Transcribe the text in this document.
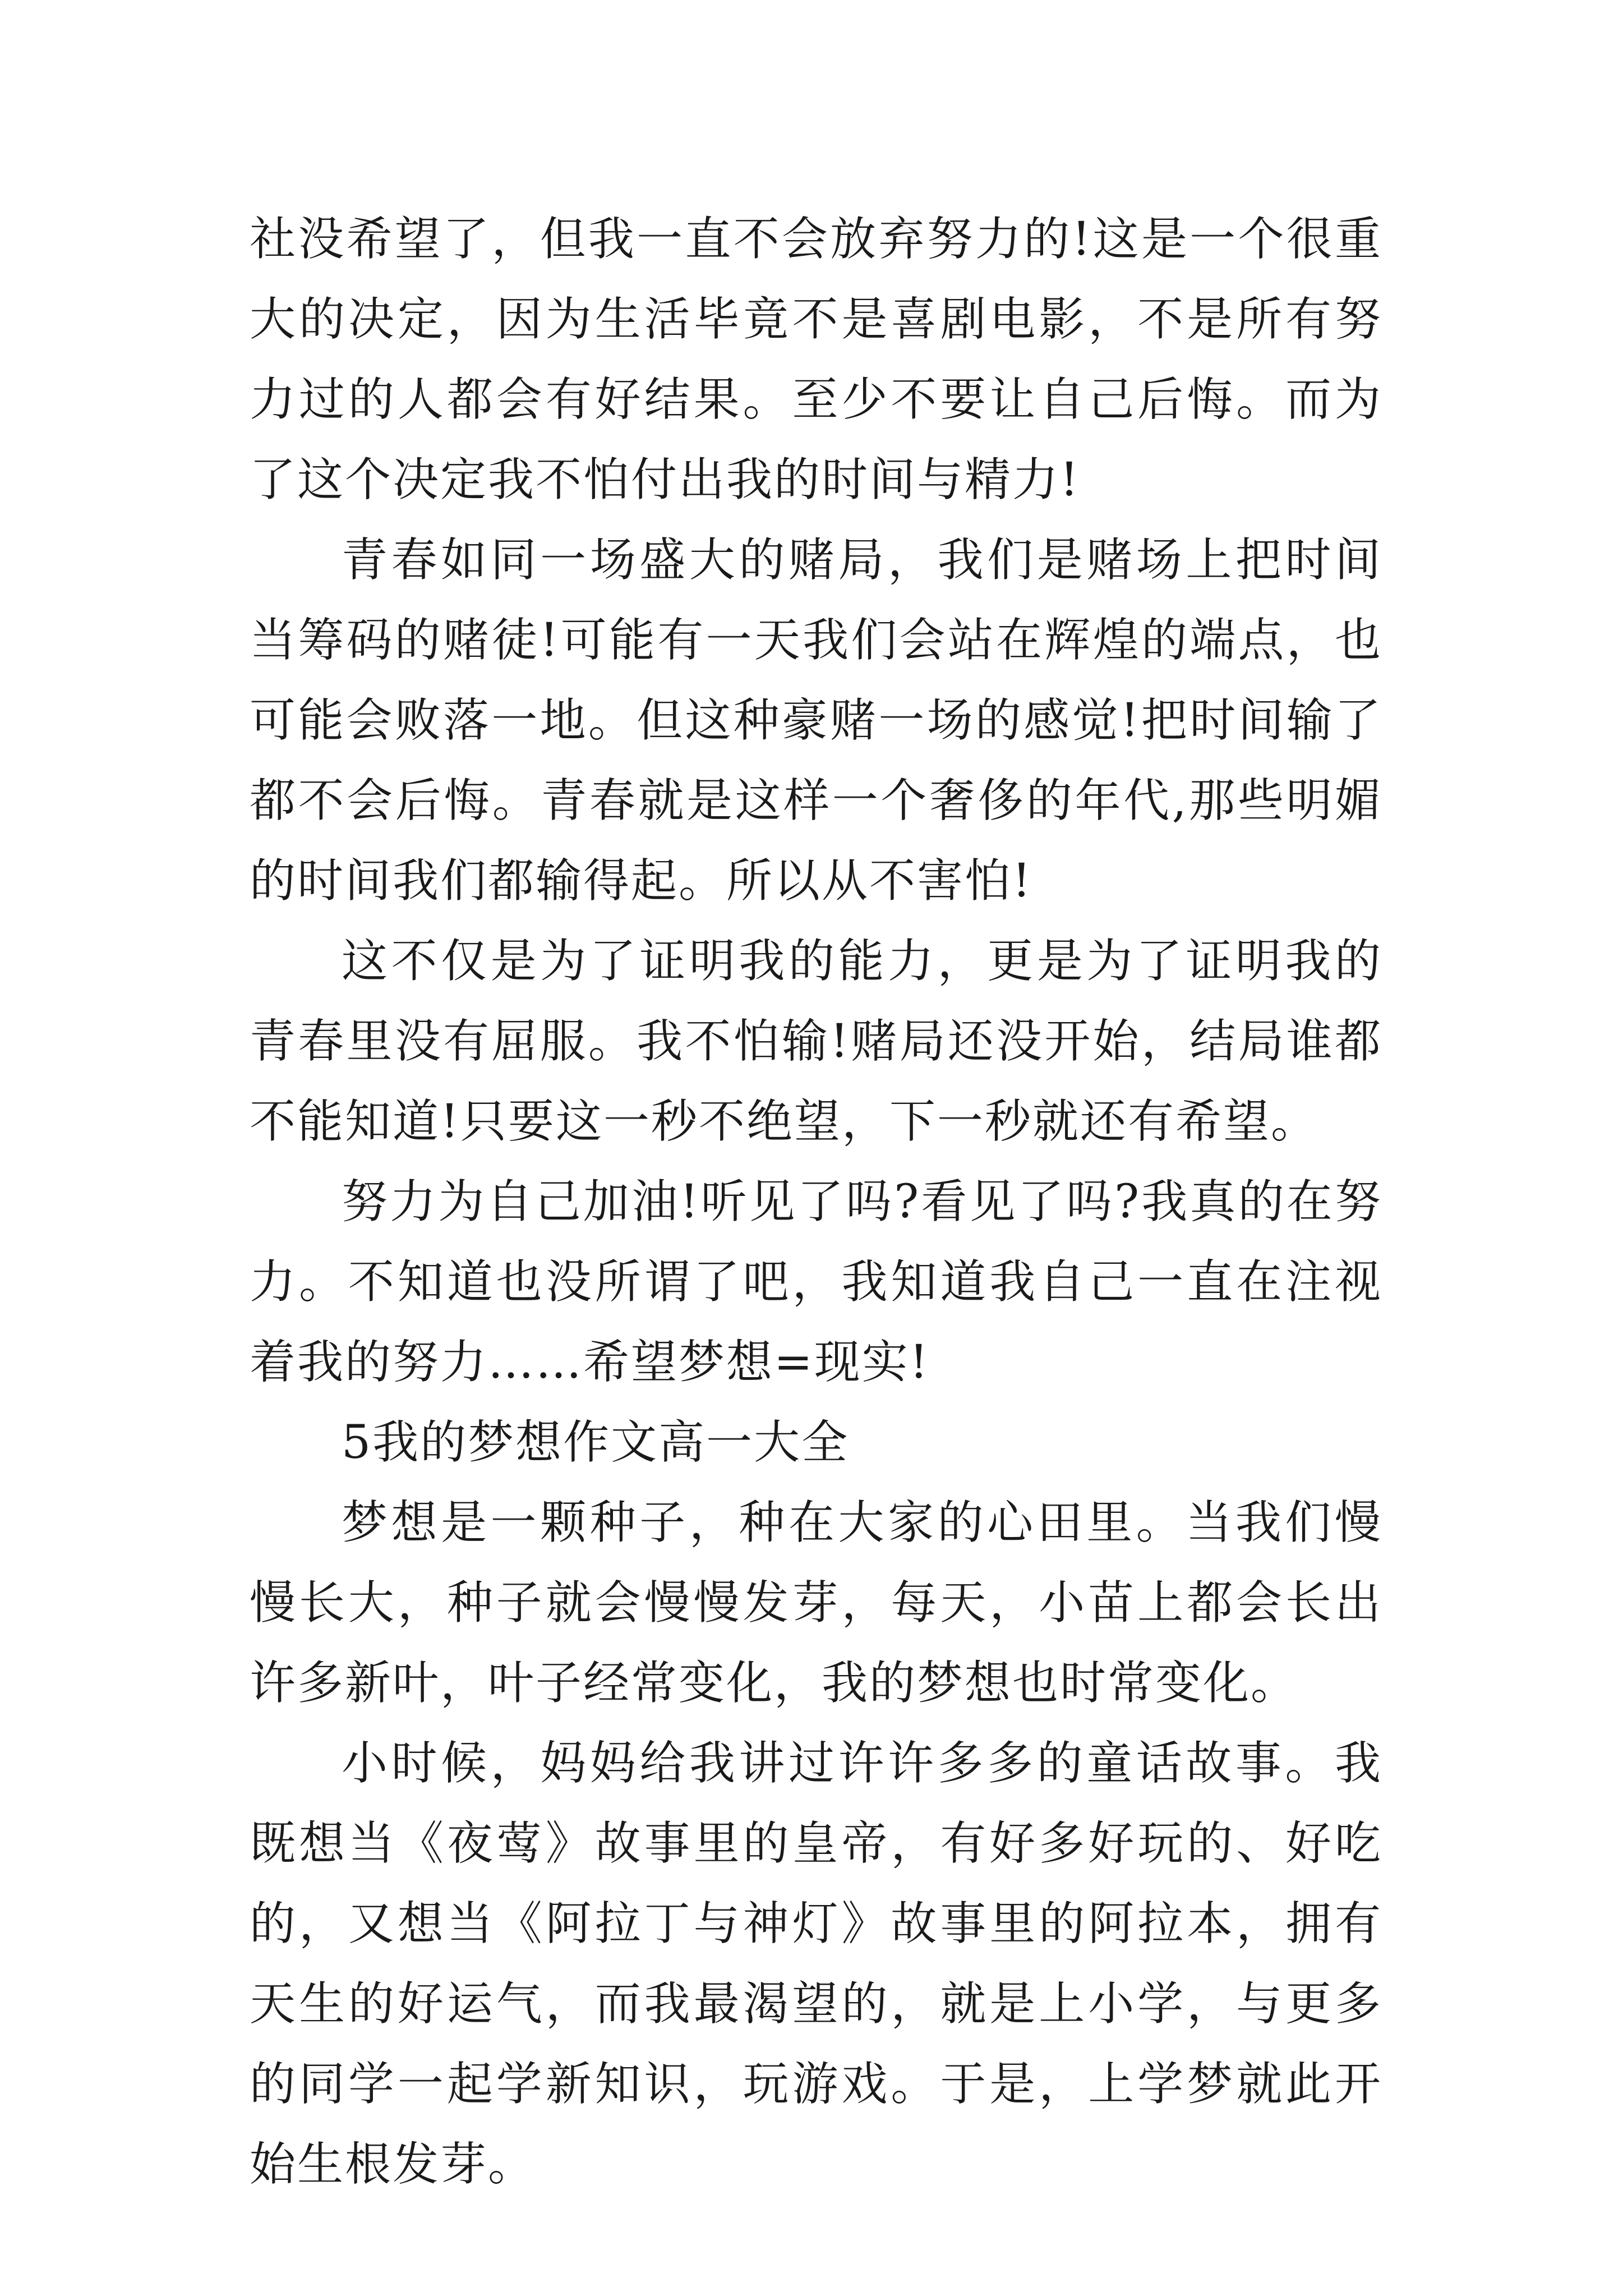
社没希望了，但我一直不会放弃努力的!这是一个很重大的决定，因为生活毕竟不是喜剧电影，不是所有努力过的人都会有好结果。至少不要让自己后悔。而为了这个决定我不怕付出我的时间与精力!

青春如同一场盛大的赌局，我们是赌场上把时间当筹码的赌徒!可能有一天我们会站在辉煌的端点，也可能会败落一地。但这种豪赌一场的感觉!把时间输了都不会后悔。青春就是这样一个奢侈的年代,那些明媚的时间我们都输得起。所以从不害怕!

这不仅是为了证明我的能力，更是为了证明我的青春里没有屈服。我不怕输!赌局还没开始，结局谁都不能知道!只要这一秒不绝望，下一秒就还有希望。

努力为自己加油!听见了吗?看见了吗?我真的在努力。不知道也没所谓了吧，我知道我自己一直在注视着我的努力……希望梦想=现实!

5我的梦想作文高一大全

梦想是一颗种子，种在大家的心田里。当我们慢慢长大，种子就会慢慢发芽，每天，小苗上都会长出许多新叶，叶子经常变化，我的梦想也时常变化。

小时候，妈妈给我讲过许许多多的童话故事。我既想当《夜莺》故事里的皇帝，有好多好玩的、好吃的，又想当《阿拉丁与神灯》故事里的阿拉本，拥有天生的好运气，而我最渴望的，就是上小学，与更多的同学一起学新知识，玩游戏。于是，上学梦就此开始生根发芽。
